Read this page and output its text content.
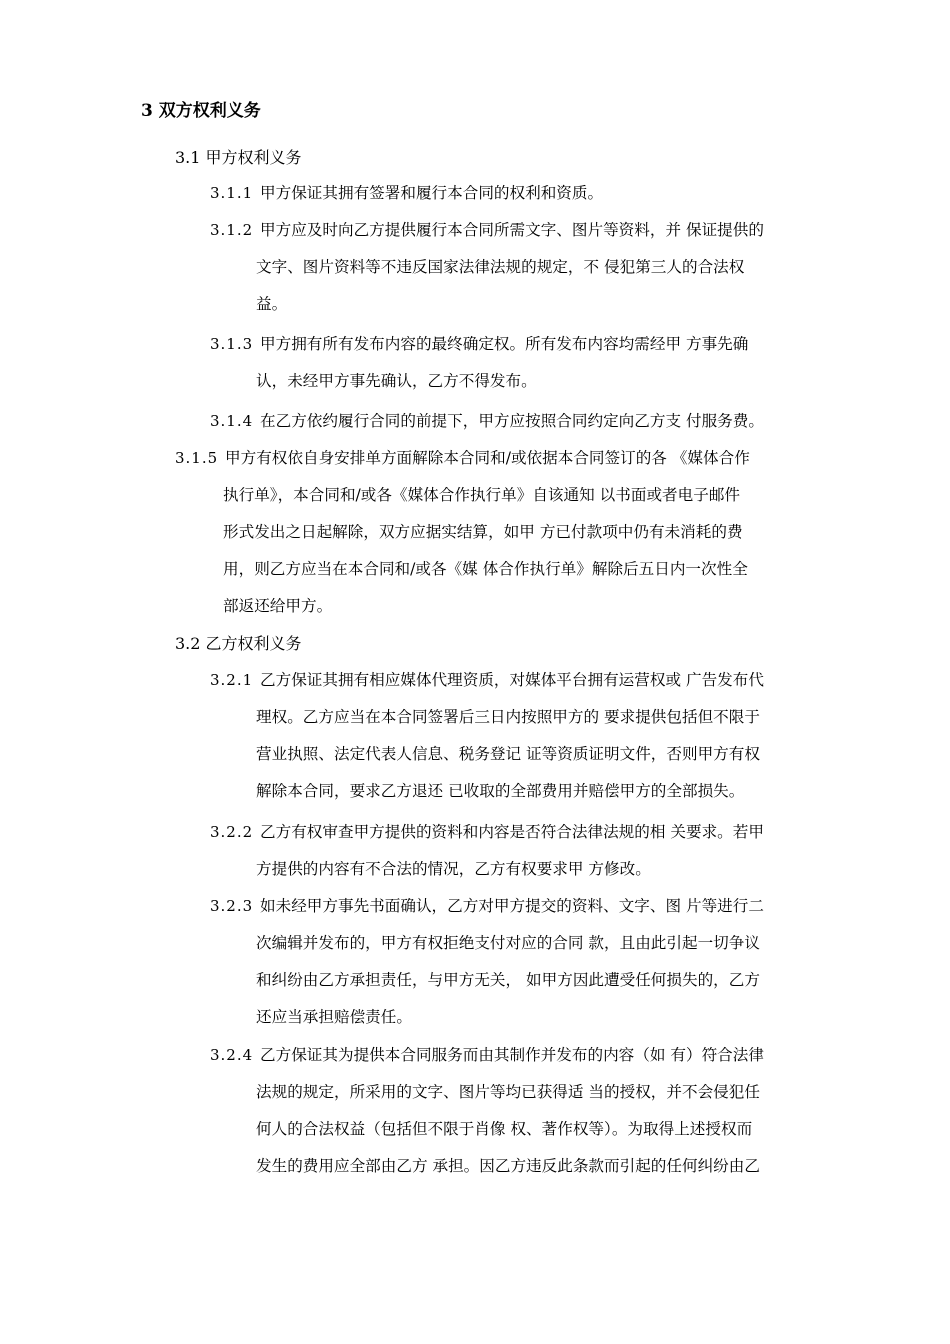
3 双方权利义务
3.1 甲方权利义务
3.1.1 甲方保证其拥有签署和履行本合同的权利和资质。
3.1.2 甲方应及时向乙方提供履行本合同所需文字、图片等资料，并 保证提供的
文字、图片资料等不违反国家法律法规的规定，不 侵犯第三人的合法权
益。
3.1.3 甲方拥有所有发布内容的最终确定权。所有发布内容均需经甲 方事先确
认，未经甲方事先确认，乙方不得发布。
3.1.4 在乙方依约履行合同的前提下，甲方应按照合同约定向乙方支 付服务费。
3.1.5 甲方有权依自身安排单方面解除本合同和/或依据本合同签订的各 《媒体合作
执行单》，本合同和/或各《媒体合作执行单》自该通知 以书面或者电子邮件
形式发出之日起解除，双方应据实结算，如甲 方已付款项中仍有未消耗的费
用，则乙方应当在本合同和/或各《媒 体合作执行单》解除后五日内一次性全
部返还给甲方。
3.2 乙方权利义务
3.2.1 乙方保证其拥有相应媒体代理资质，对媒体平台拥有运营权或 广告发布代
理权。乙方应当在本合同签署后三日内按照甲方的 要求提供包括但不限于
营业执照、法定代表人信息、税务登记 证等资质证明文件，否则甲方有权
解除本合同，要求乙方退还 已收取的全部费用并赔偿甲方的全部损失。
3.2.2 乙方有权审查甲方提供的资料和内容是否符合法律法规的相 关要求。若甲
方提供的内容有不合法的情况，乙方有权要求甲 方修改。
3.2.3 如未经甲方事先书面确认，乙方对甲方提交的资料、文字、图 片等进行二
次编辑并发布的，甲方有权拒绝支付对应的合同 款，且由此引起一切争议
和纠纷由乙方承担责任，与甲方无关， 如甲方因此遭受任何损失的，乙方
还应当承担赔偿责任。
3.2.4 乙方保证其为提供本合同服务而由其制作并发布的内容（如 有）符合法律
法规的规定，所采用的文字、图片等均已获得适 当的授权，并不会侵犯任
何人的合法权益（包括但不限于肖像 权、著作权等）。为取得上述授权而
发生的费用应全部由乙方 承担。因乙方违反此条款而引起的任何纠纷由乙
